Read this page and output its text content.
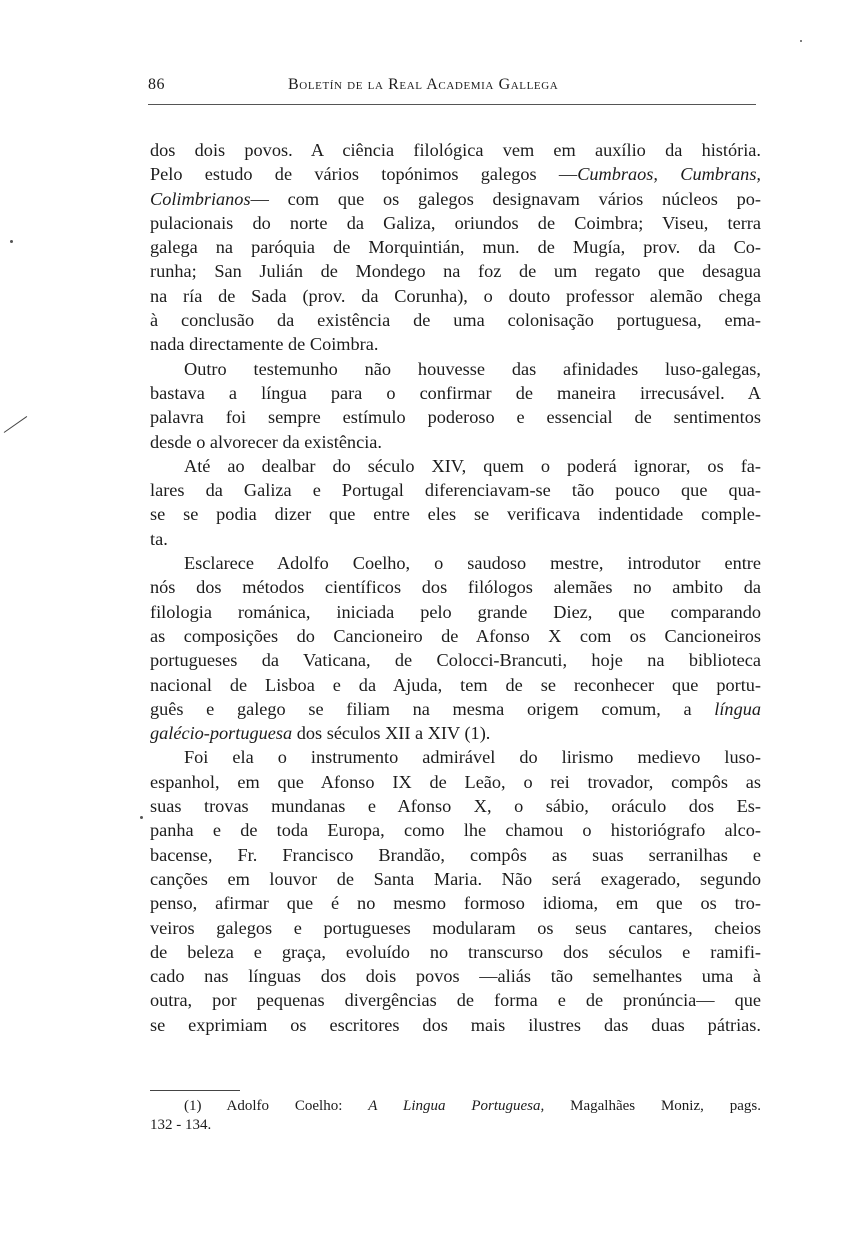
86	Boletín de la Real Academia Gallega
dos dois povos. A ciência filológica vem em auxílio da história.
Pelo estudo de vários topónimos galegos —Cumbraos, Cumbrans,
Colimbrianos— com que os galegos designavam vários núcleos po-
pulacionais do norte da Galiza, oriundos de Coimbra; Viseu, terra
galega na paróquia de Morquintián, mun. de Mugía, prov. da Co-
runha; San Julián de Mondego na foz de um regato que desagua
na ría de Sada (prov. da Corunha), o douto professor alemão chega
à conclusão da existência de uma colonisação portuguesa, ema-
nada directamente de Coimbra.
Outro testemunho não houvesse das afinidades luso-galegas,
bastava a língua para o confirmar de maneira irrecusável. A
palavra foi sempre estímulo poderoso e essencial de sentimentos
desde o alvorecer da existência.
Até ao dealbar do século XIV, quem o poderá ignorar, os fa-
lares da Galiza e Portugal diferenciavam-se tão pouco que qua-
se se podia dizer que entre eles se verificava indentidade comple-
ta.
Esclarece Adolfo Coelho, o saudoso mestre, introdutor entre
nós dos métodos científicos dos filólogos alemães no ambito da
filologia románica, iniciada pelo grande Diez, que comparando
as composições do Cancioneiro de Afonso X com os Cancioneiros
portugueses da Vaticana, de Colocci-Brancuti, hoje na biblioteca
nacional de Lisboa e da Ajuda, tem de se reconhecer que portu-
guês e galego se filiam na mesma origem comum, a língua
galécio-portuguesa dos séculos XII a XIV (1).
Foi ela o instrumento admirável do lirismo medievo luso-
espanhol, em que Afonso IX de Leão, o rei trovador, compôs as
suas trovas mundanas e Afonso X, o sábio, oráculo dos Es-
panha e de toda Europa, como lhe chamou o historiógrafo alco-
bacense, Fr. Francisco Brandão, compôs as suas serranilhas e
canções em louvor de Santa Maria. Não será exagerado, segundo
penso, afirmar que é no mesmo formoso idioma, em que os tro-
veiros galegos e portugueses modularam os seus cantares, cheios
de beleza e graça, evoluído no transcurso dos séculos e ramifi-
cado nas línguas dos dois povos —aliás tão semelhantes uma à
outra, por pequenas divergências de forma e de pronúncia— que
se exprimiam os escritores dos mais ilustres das duas pátrias.
(1) Adolfo Coelho: A Lingua Portuguesa, Magalhães Moniz, pags.
132 - 134.
